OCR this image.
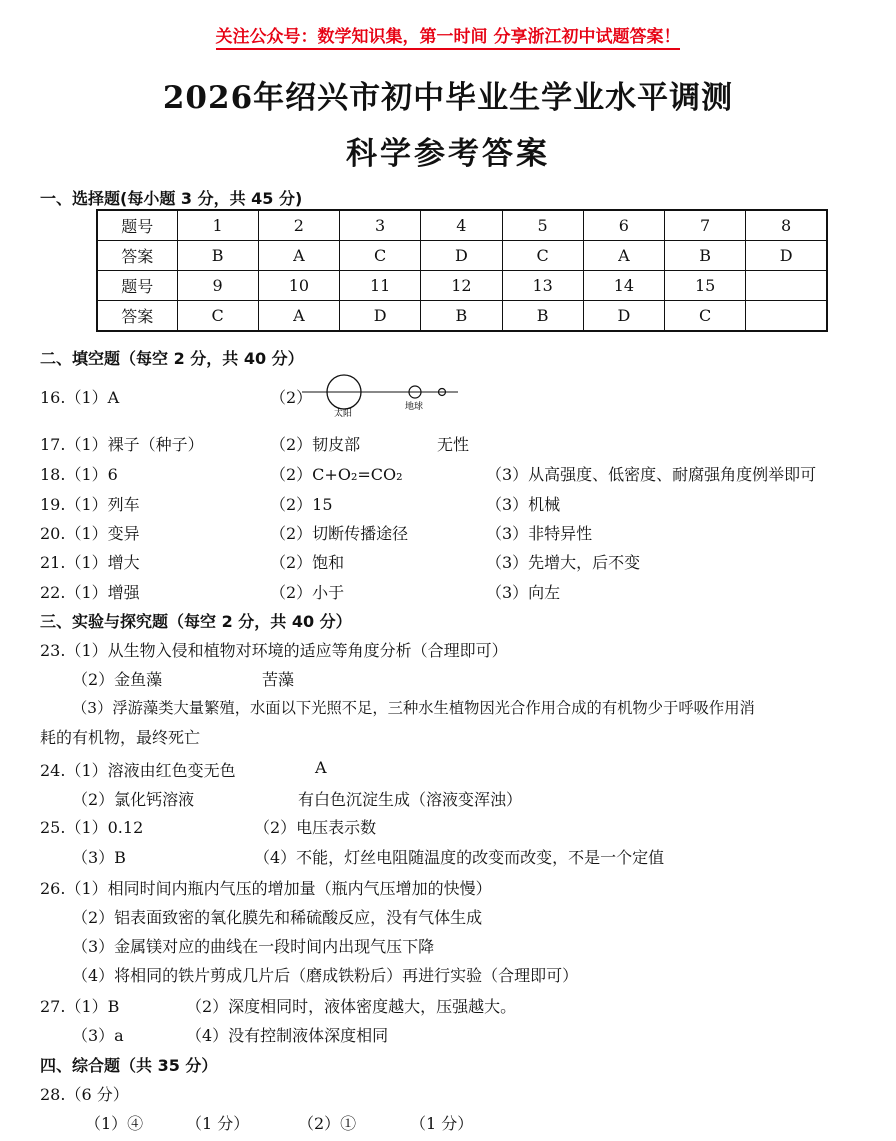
关注公众号：数学知识集，第一时间 分享浙江初中试题答案！
2026年绍兴市初中毕业生学业水平调测
科学参考答案
一、选择题(每小题 3 分，共 45 分)
题号	1	2	3	4	5	6	7	8
答案	B	A	C	D	C	A	B	D
题号	9	10	11	12	13	14	15	
答案	C	A	D	B	B	D	C	
二、填空题（每空 2 分，共 40 分）
16.（1）A	（2）
太阳
地球
17.（1）裸子（种子）	（2）韧皮部	无性
18.（1）6	（2）C+O₂=CO₂	（3）从高强度、低密度、耐腐强角度例举即可
19.（1）列车	（2）15	（3）机械
20.（1）变异	（2）切断传播途径	（3）非特异性
21.（1）增大	（2）饱和	（3）先增大，后不变
22.（1）增强	（2）小于	（3）向左
三、实验与探究题（每空 2 分，共 40 分）
23.（1）从生物入侵和植物对环境的适应等角度分析（合理即可）
（2）金鱼藻	苦藻
（3）浮游藻类大量繁殖，水面以下光照不足，三种水生植物因光合作用合成的有机物少于呼吸作用消
耗的有机物，最终死亡
24.（1）溶液由红色变无色	A
（2）氯化钙溶液	有白色沉淀生成（溶液变浑浊）
25.（1）0.12	（2）电压表示数
（3）B	（4）不能，灯丝电阻随温度的改变而改变，不是一个定值
26.（1）相同时间内瓶内气压的增加量（瓶内气压增加的快慢）
（2）铝表面致密的氧化膜先和稀硫酸反应，没有气体生成
（3）金属镁对应的曲线在一段时间内出现气压下降
（4）将相同的铁片剪成几片后（磨成铁粉后）再进行实验（合理即可）
27.（1）B	（2）深度相同时，液体密度越大，压强越大。
（3）a	（4）没有控制液体深度相同
四、综合题（共 35 分）
28.（6 分）
（1）④	（1 分）	（2）①	（1 分）
